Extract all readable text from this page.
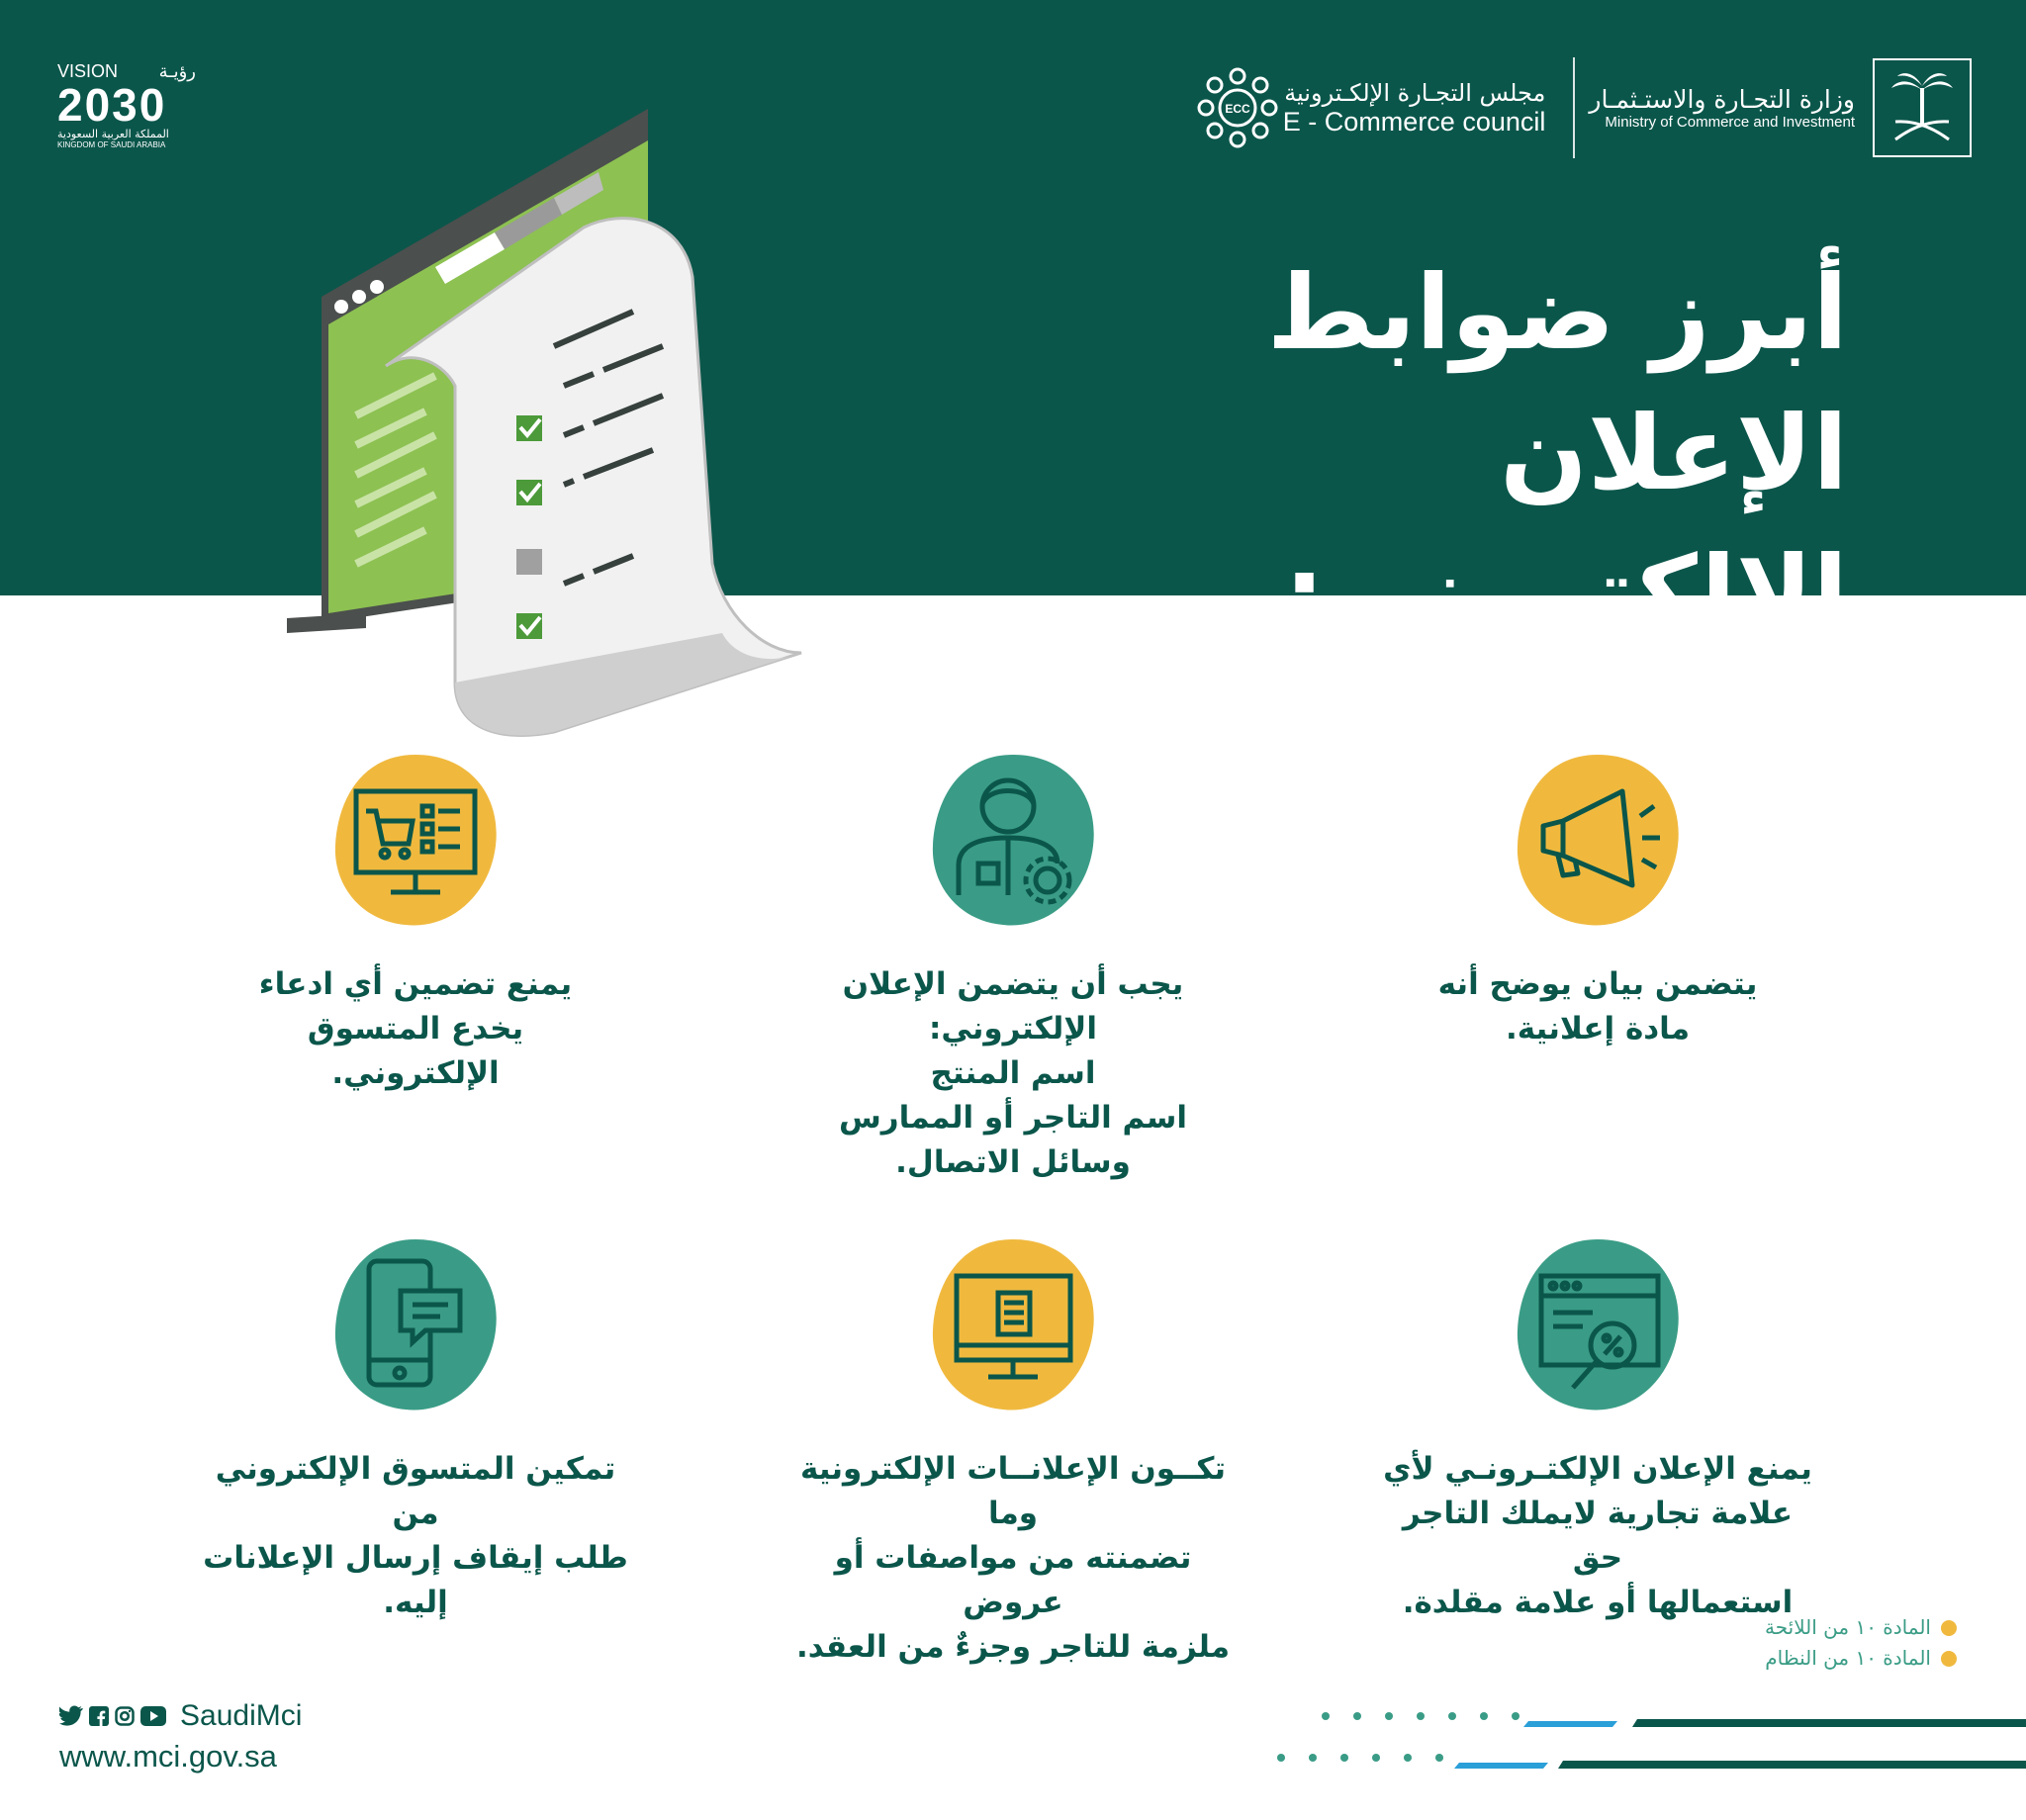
VISION رؤيـة
2030
المملكة العربية السعودية
KINGDOM OF SAUDI ARABIA
ECC
مجلس التجـارة الإلكـترونية
E - Commerce council
وزارة التجـارة والاستـثمـار
Ministry of Commerce and Investment
أبرز ضوابط الإعلان
الإلكتروني:
يتضمن بيان يوضح أنه
مادة إعلانية.
يجب أن يتضمن الإعلان
الإلكتروني:
اسم المنتج
اسم التاجر أو الممارس
وسائل الاتصال.
يمنع تضمين أي ادعاء
يخدع المتسوق
الإلكتروني.
يمنع الإعلان الإلكتـرونـي لأي
علامة تجارية لايملك التاجر حق
استعمالها أو علامة مقلدة.
تكــون الإعلانــات الإلكترونية وما
تضمنته من مواصفات أو عروض
ملزمة للتاجر وجزءٌ من العقد.
تمكين المتسوق الإلكتروني من
طلب إيقاف إرسال الإعلانات
إليه.
المادة ١٠ من اللائحة
المادة ١٠ من النظام
SaudiMci
www.mci.gov.sa
